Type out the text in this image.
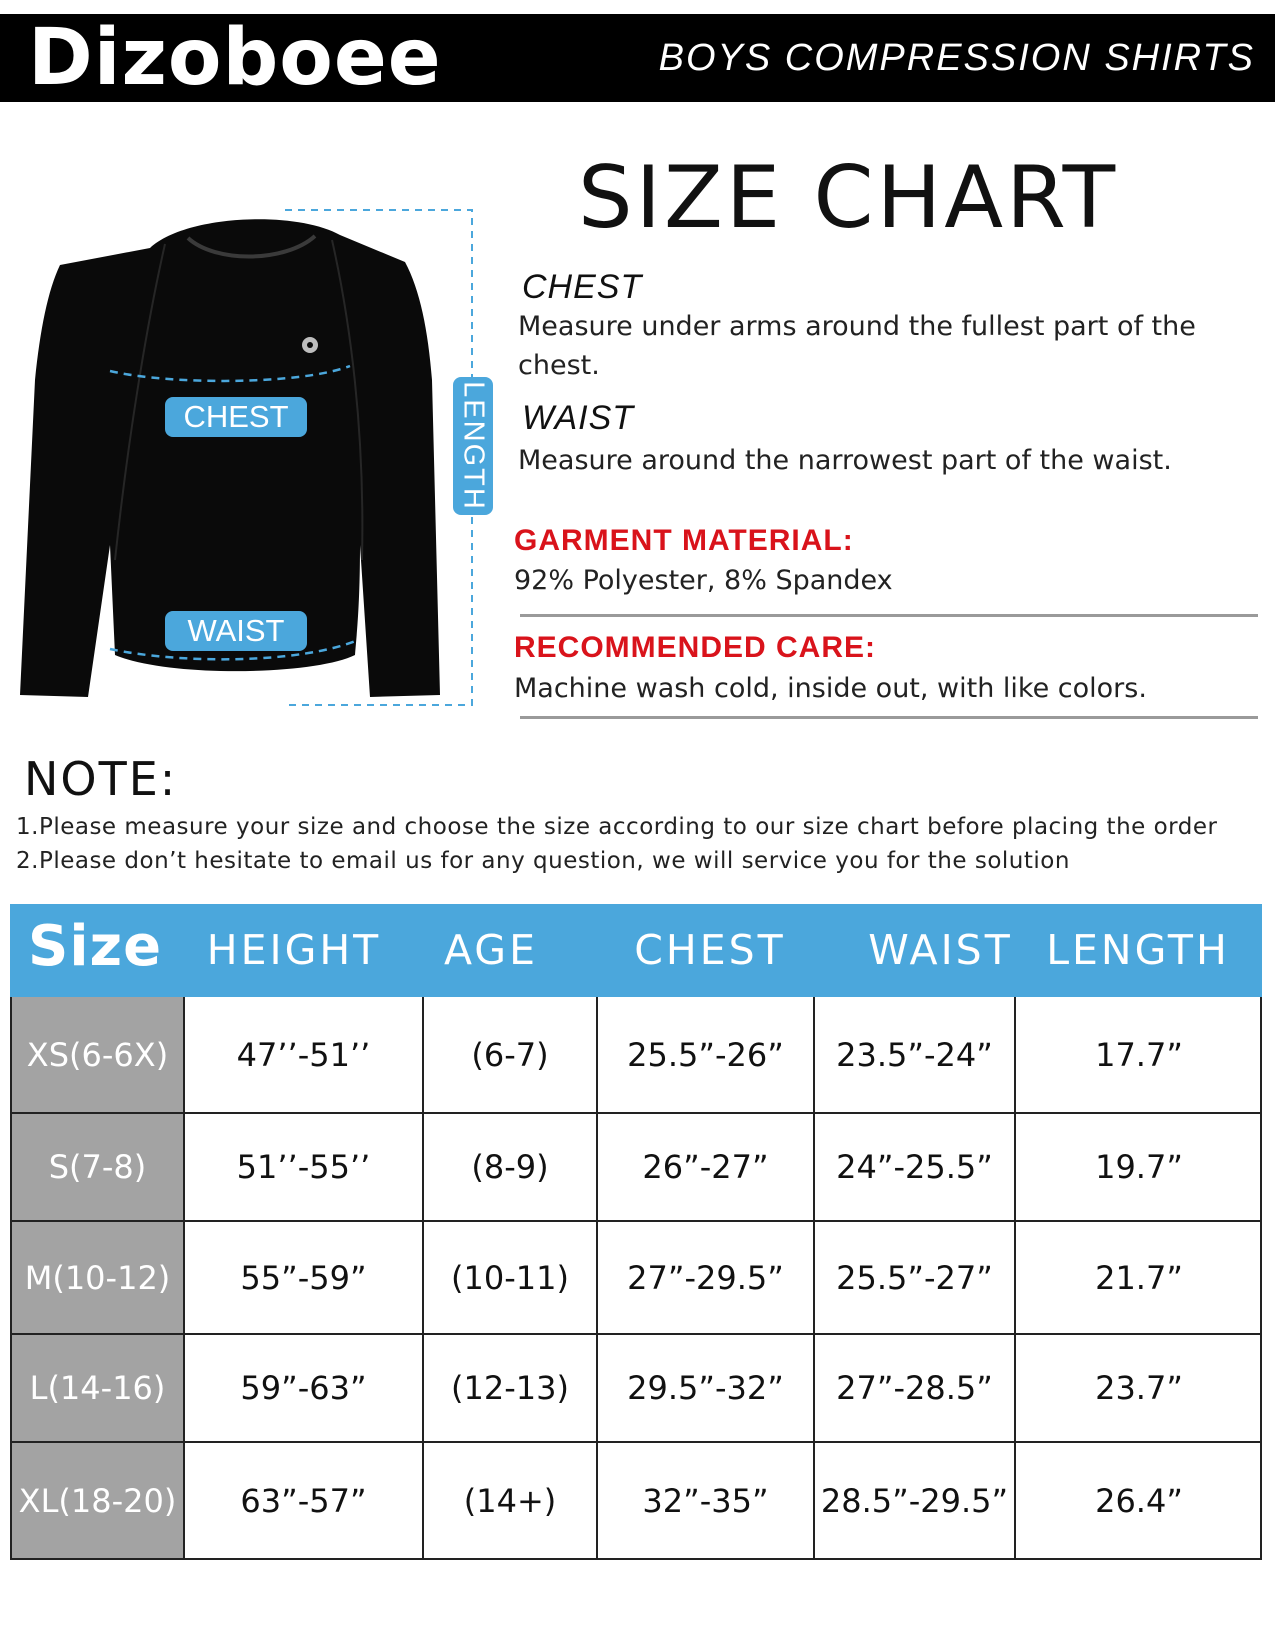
Dizoboee	BOYS COMPRESSION SHIRTS
CHEST
WAIST
LENGTH
SIZE CHART
CHEST
Measure under arms around the fullest part of the
chest.
WAIST
Measure around the narrowest part of the waist.
GARMENT MATERIAL:
92% Polyester, 8% Spandex
RECOMMENDED CARE:
Machine wash cold, inside out, with like colors.
NOTE:
1.Please measure your size and choose the size according to our size chart before placing the order
2.Please don’t hesitate to email us for any question, we will service you for the solution
Size	HEIGHT	AGE	CHEST	WAIST LENGTH
XS(6-6X)	47’’-51’’	(6-7)	25.5”-26”	23.5”-24”	17.7”
S(7-8)	51’’-55’’	(8-9)	26”-27”	24”-25.5”	19.7”
M(10-12)	55”-59”	(10-11)	27”-29.5”	25.5”-27”	21.7”
L(14-16)	59”-63”	(12-13)	29.5”-32”	27”-28.5”	23.7”
XL(18-20)	63”-57”	(14+)	32”-35”	28.5”-29.5”	26.4”
